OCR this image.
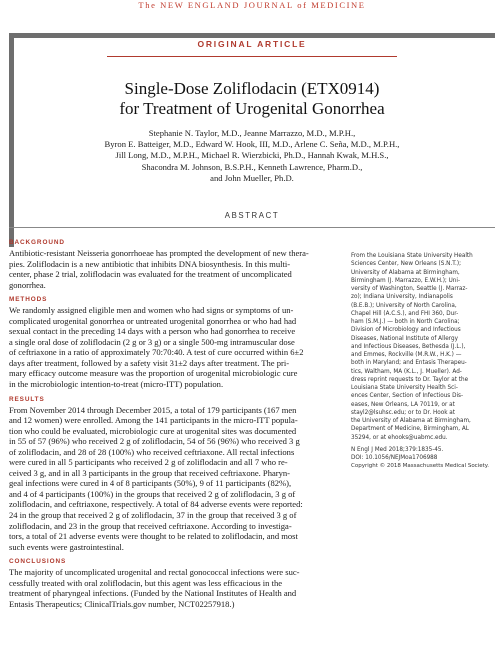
The NEW ENGLAND JOURNAL of MEDICINE
ORIGINAL ARTICLE
Single-Dose Zoliflodacin (ETX0914)
for Treatment of Urogenital Gonorrhea
Stephanie N. Taylor, M.D., Jeanne Marrazzo, M.D., M.P.H.,
Byron E. Batteiger, M.D., Edward W. Hook, III, M.D., Arlene C. Seña, M.D., M.P.H.,
Jill Long, M.D., M.P.H., Michael R. Wierzbicki, Ph.D., Hannah Kwak, M.H.S.,
Shacondra M. Johnson, B.S.P.H., Kenneth Lawrence, Pharm.D.,
and John Mueller, Ph.D.
ABSTRACT

BACKGROUND

Antibiotic-resistant Neisseria gonorrhoeae has prompted the development of new thera-
pies. Zoliflodacin is a new antibiotic that inhibits DNA biosynthesis. In this multi-
center, phase 2 trial, zoliflodacin was evaluated for the treatment of uncomplicated
gonorrhea.

METHODS

We randomly assigned eligible men and women who had signs or symptoms of un-
complicated urogenital gonorrhea or untreated urogenital gonorrhea or who had had
sexual contact in the preceding 14 days with a person who had gonorrhea to receive
a single oral dose of zoliflodacin (2 g or 3 g) or a single 500-mg intramuscular dose
of ceftriaxone in a ratio of approximately 70:70:40. A test of cure occurred within 6±2
days after treatment, followed by a safety visit 31±2 days after treatment. The pri-
mary efficacy outcome measure was the proportion of urogenital microbiologic cure
in the microbiologic intention-to-treat (micro-ITT) population.

RESULTS

From November 2014 through December 2015, a total of 179 participants (167 men
and 12 women) were enrolled. Among the 141 participants in the micro-ITT popula-
tion who could be evaluated, microbiologic cure at urogenital sites was documented
in 55 of 57 (96%) who received 2 g of zoliflodacin, 54 of 56 (96%) who received 3 g
of zoliflodacin, and 28 of 28 (100%) who received ceftriaxone. All rectal infections
were cured in all 5 participants who received 2 g of zoliflodacin and all 7 who re-
ceived 3 g, and in all 3 participants in the group that received ceftriaxone. Pharyn-
geal infections were cured in 4 of 8 participants (50%), 9 of 11 participants (82%),
and 4 of 4 participants (100%) in the groups that received 2 g of zoliflodacin, 3 g of
zoliflodacin, and ceftriaxone, respectively. A total of 84 adverse events were reported:
24 in the group that received 2 g of zoliflodacin, 37 in the group that received 3 g of
zoliflodacin, and 23 in the group that received ceftriaxone. According to investiga-
tors, a total of 21 adverse events were thought to be related to zoliflodacin, and most
such events were gastrointestinal.

CONCLUSIONS

The majority of uncomplicated urogenital and rectal gonococcal infections were suc-
cessfully treated with oral zoliflodacin, but this agent was less efficacious in the
treatment of pharyngeal infections. (Funded by the National Institutes of Health and
Entasis Therapeutics; ClinicalTrials.gov number, NCT02257918.)
From the Louisiana State University Health
Sciences Center, New Orleans (S.N.T.);
University of Alabama at Birmingham,
Birmingham (J. Marrazzo, E.W.H.); Uni-
versity of Washington, Seattle (J. Marraz-
zo); Indiana University, Indianapolis
(B.E.B.); University of North Carolina,
Chapel Hill (A.C.S.), and FHI 360, Dur-
ham (S.M.J.) — both in North Carolina;
Division of Microbiology and Infectious
Diseases, National Institute of Allergy
and Infectious Diseases, Bethesda (J.L.),
and Emmes, Rockville (M.R.W., H.K.) —
both in Maryland; and Entasis Therapeu-
tics, Waltham, MA (K.L., J. Mueller). Ad-
dress reprint requests to Dr. Taylor at the
Louisiana State University Health Sci-
ences Center, Section of Infectious Dis-
eases, New Orleans, LA 70119, or at
stayl2@lsuhsc.edu; or to Dr. Hook at
the University of Alabama at Birmingham,
Department of Medicine, Birmingham, AL
35294, or at ehooks@uabmc.edu.
N Engl J Med 2018;379:1835-45.
DOI: 10.1056/NEJMoa1706988
Copyright © 2018 Massachusetts Medical Society.
